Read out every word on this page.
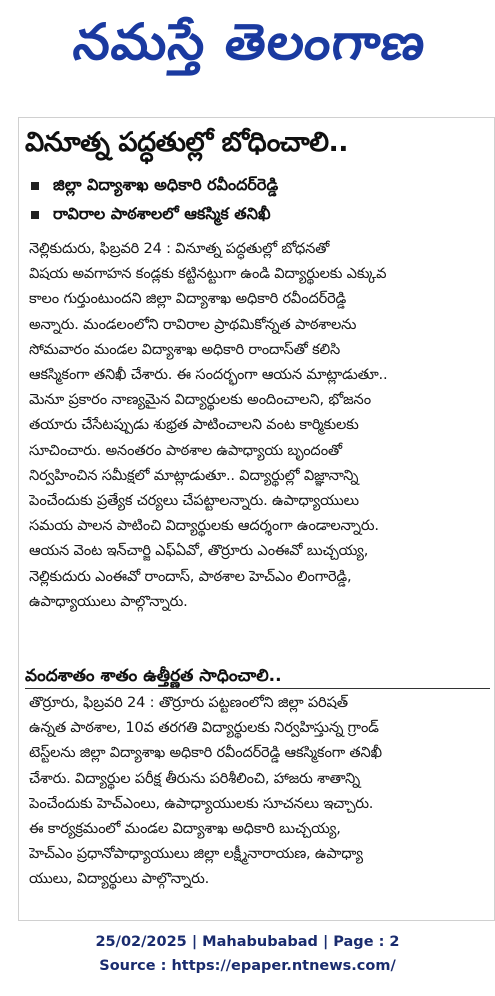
నమస్తే తెలంగాణ
వినూత్న పద్ధతుల్లో బోధించాలి..
జిల్లా విద్యాశాఖ అధికారి రవీందర్‌రెడ్డి
రావిరాల పాఠశాలలో ఆకస్మిక తనిఖీ
నెల్లికుదురు, ఫిబ్రవరి 24 : వినూత్న పద్ధతుల్లో బోధనతో
విషయ అవగాహన కండ్లకు కట్టినట్టుగా ఉండి విద్యార్థులకు ఎక్కువ
కాలం గుర్తుంటుందని జిల్లా విద్యాశాఖ అధికారి రవీందర్‌రెడ్డి
అన్నారు. మండలంలోని రావిరాల ప్రాథమికోన్నత పాఠశాలను
సోమవారం మండల విద్యాశాఖ అధికారి రాందాస్‌తో కలిసి
ఆకస్మికంగా తనిఖీ చేశారు. ఈ సందర్భంగా ఆయన మాట్లాడుతూ..
మెనూ ప్రకారం నాణ్యమైన విద్యార్థులకు అందించాలని, భోజనం
తయారు చేసేటప్పుడు శుభ్రత పాటించాలని వంట కార్మికులకు
సూచించారు. అనంతరం పాఠశాల ఉపాధ్యాయ బృందంతో
నిర్వహించిన సమీక్షలో మాట్లాడుతూ.. విద్యార్థుల్లో విజ్ఞానాన్ని
పెంచేందుకు ప్రత్యేక చర్యలు చేపట్టాలన్నారు. ఉపాధ్యాయులు
సమయ పాలన పాటించి విద్యార్థులకు ఆదర్శంగా ఉండాలన్నారు.
ఆయన వెంట ఇన్‌చార్జి ఎఫ్‌ఏవో, తొర్రూరు ఎంఈవో బుచ్చయ్య,
నెల్లికుదురు ఎంఈవో రాందాస్, పాఠశాల హెచ్‌ఎం లింగారెడ్డి,
ఉపాధ్యాయులు పాల్గొన్నారు.
వందశాతం శాతం ఉత్తీర్ణత సాధించాలి..
తొర్రూరు, ఫిబ్రవరి 24 : తొర్రూరు పట్టణంలోని జిల్లా పరిషత్
ఉన్నత పాఠశాల, 10వ తరగతి విద్యార్థులకు నిర్వహిస్తున్న గ్రాండ్
టెస్ట్‌లను జిల్లా విద్యాశాఖ అధికారి రవీందర్‌రెడ్డి ఆకస్మికంగా తనిఖీ
చేశారు. విద్యార్థుల పరీక్ష తీరును పరిశీలించి, హాజరు శాతాన్ని
పెంచేందుకు హెచ్‌ఎంలు, ఉపాధ్యాయులకు సూచనలు ఇచ్చారు.
ఈ కార్యక్రమంలో మండల విద్యాశాఖ అధికారి బుచ్చయ్య,
హెచ్‌ఎం ప్రధానోపాధ్యాయులు జిల్లా లక్ష్మీనారాయణ, ఉపాధ్యా
యులు, విద్యార్థులు పాల్గొన్నారు.
25/02/2025 | Mahabubabad | Page : 2
Source : https://epaper.ntnews.com/
